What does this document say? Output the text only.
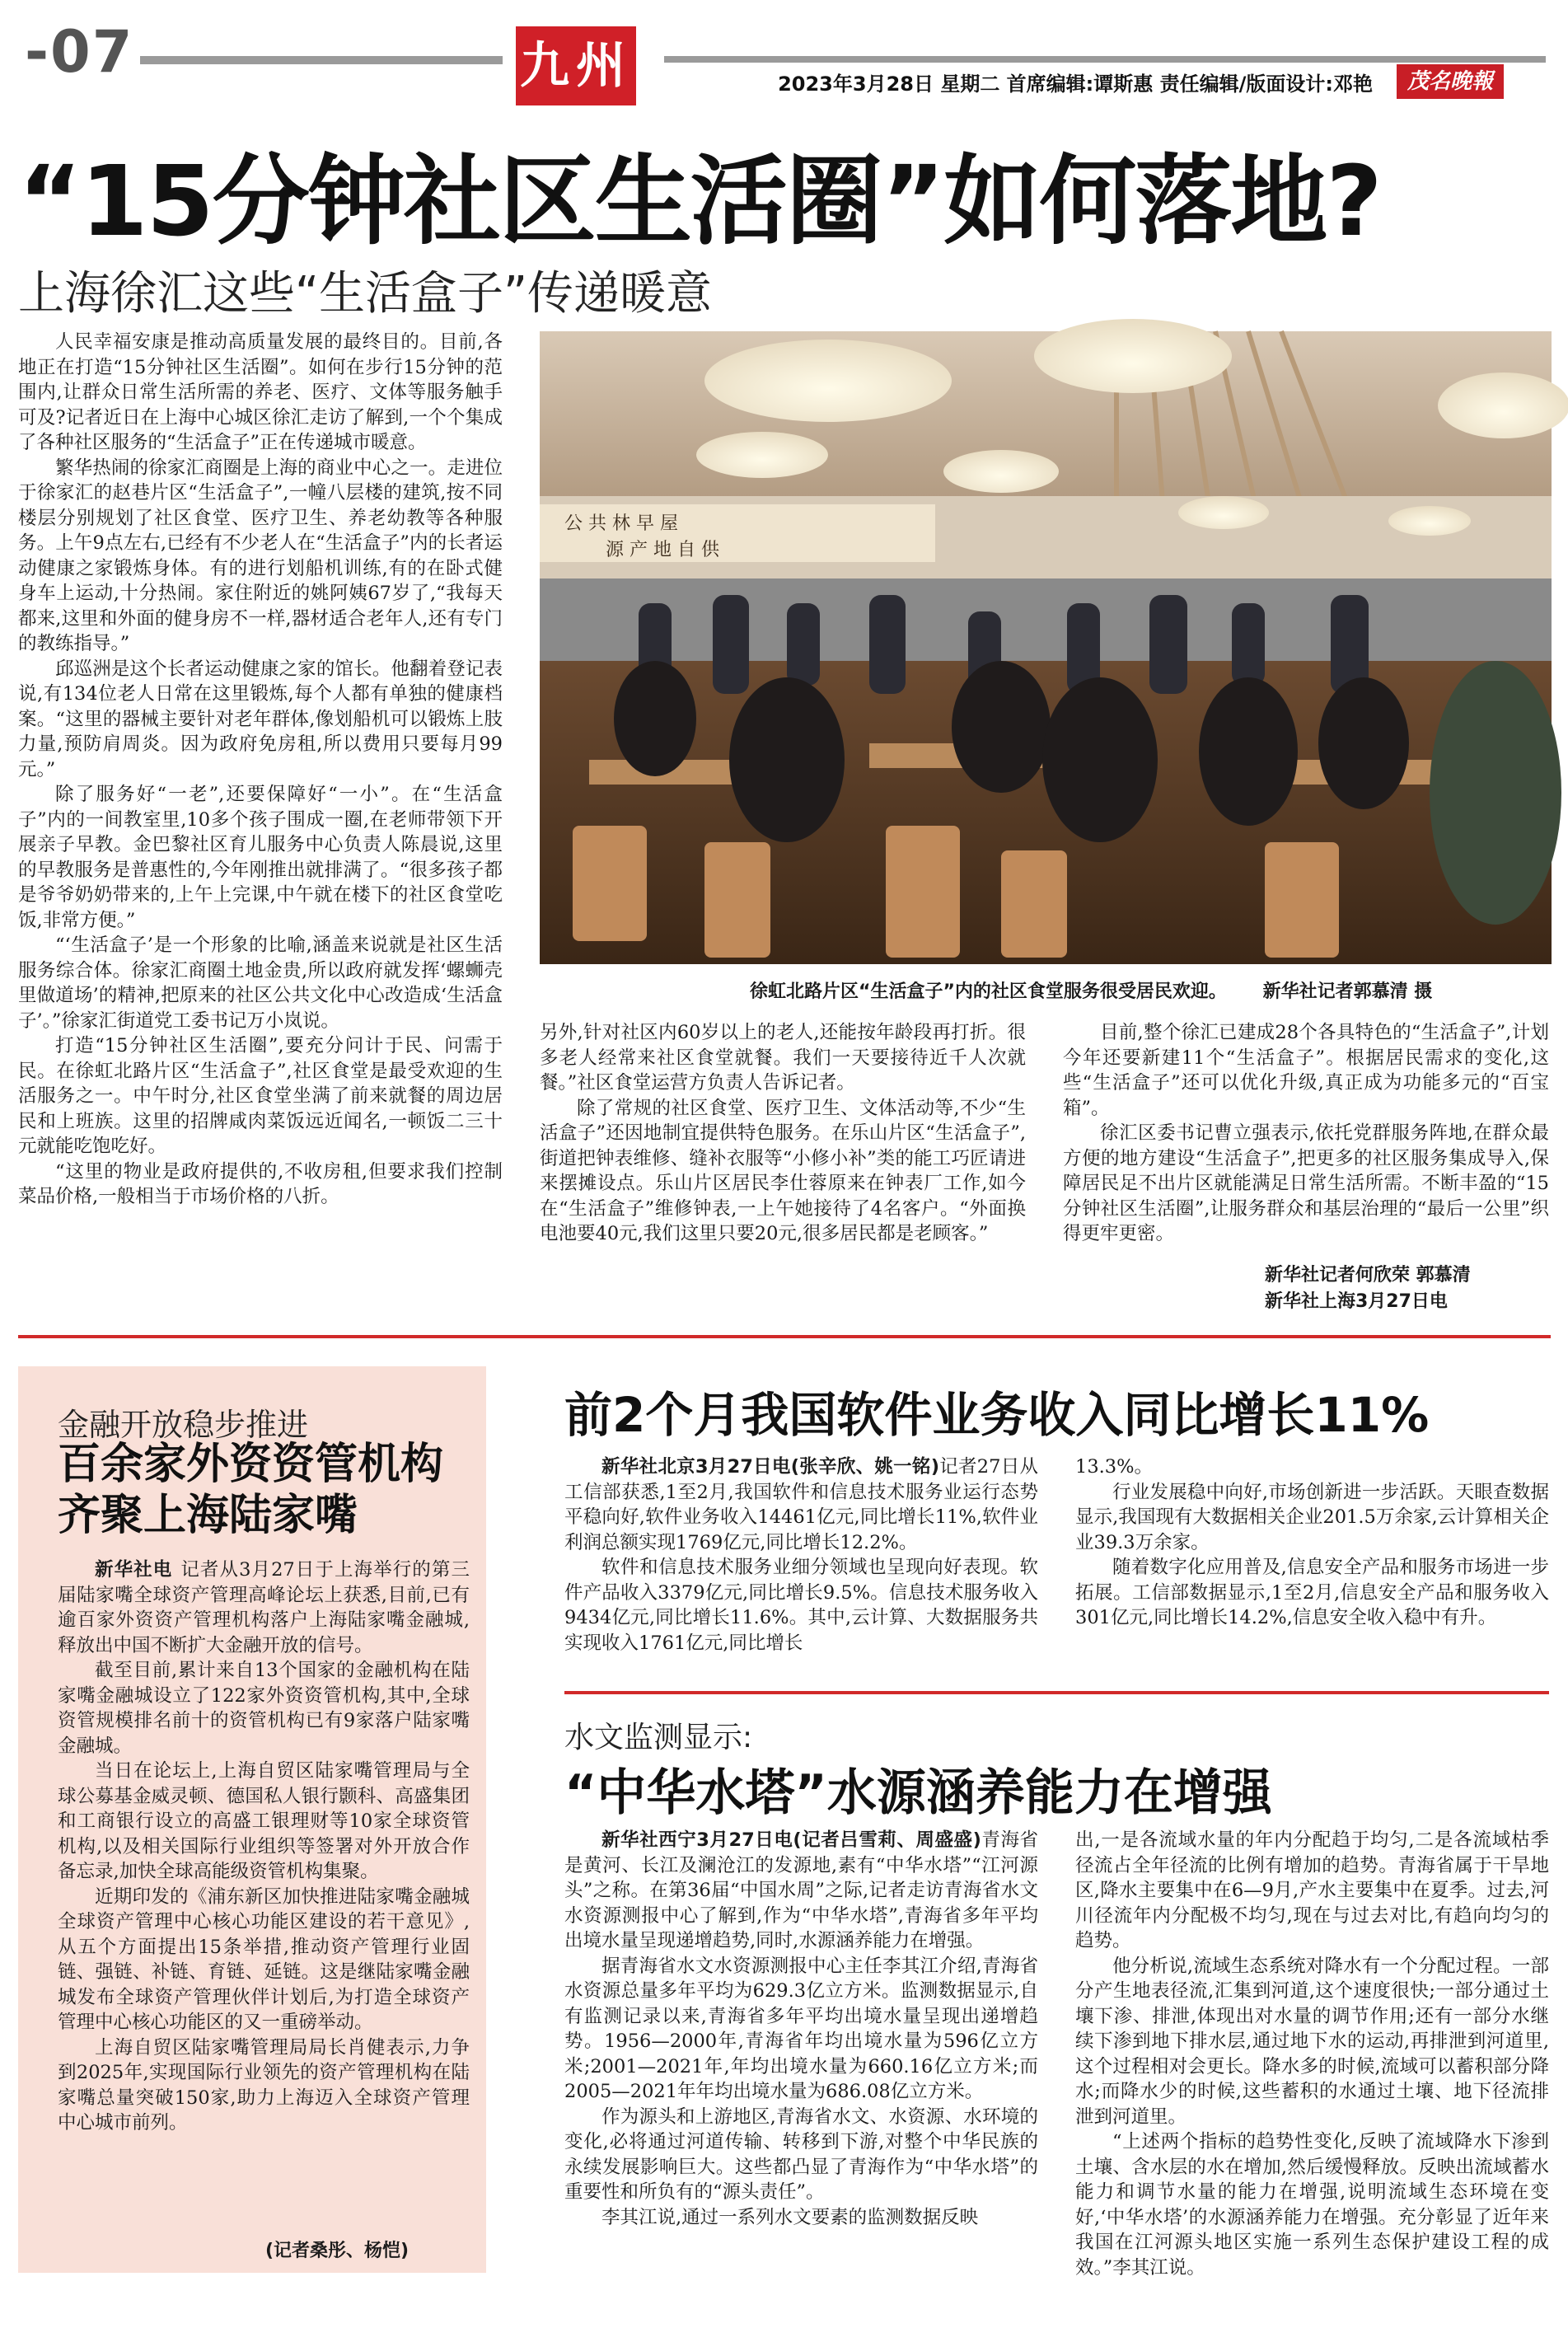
-07	九州	2023年3月28日 星期二 首席编辑:谭斯惠 责任编辑/版面设计:邓艳	茂名晚報
“15分钟社区生活圈”如何落地?
上海徐汇这些“生活盒子”传递暖意

人民幸福安康是推动高质量发展的最终目的。目前,各地正在打造“15分钟社区生活圈”。如何在步行15分钟的范围内,让群众日常生活所需的养老、医疗、文体等服务触手可及?记者近日在上海中心城区徐汇走访了解到,一个个集成了各种社区服务的“生活盒子”正在传递城市暖意。

繁华热闹的徐家汇商圈是上海的商业中心之一。走进位于徐家汇的赵巷片区“生活盒子”,一幢八层楼的建筑,按不同楼层分别规划了社区食堂、医疗卫生、养老幼教等各种服务。上午9点左右,已经有不少老人在“生活盒子”内的长者运动健康之家锻炼身体。有的进行划船机训练,有的在卧式健身车上运动,十分热闹。家住附近的姚阿姨67岁了,“我每天都来,这里和外面的健身房不一样,器材适合老年人,还有专门的教练指导。”

邱巡洲是这个长者运动健康之家的馆长。他翻着登记表说,有134位老人日常在这里锻炼,每个人都有单独的健康档案。“这里的器械主要针对老年群体,像划船机可以锻炼上肢力量,预防肩周炎。因为政府免房租,所以费用只要每月99元。”

除了服务好“一老”,还要保障好“一小”。在“生活盒子”内的一间教室里,10多个孩子围成一圈,在老师带领下开展亲子早教。金巴黎社区育儿服务中心负责人陈晨说,这里的早教服务是普惠性的,今年刚推出就排满了。“很多孩子都是爷爷奶奶带来的,上午上完课,中午就在楼下的社区食堂吃饭,非常方便。”

“‘生活盒子’是一个形象的比喻,涵盖来说就是社区生活服务综合体。徐家汇商圈土地金贵,所以政府就发挥‘螺蛳壳里做道场’的精神,把原来的社区公共文化中心改造成‘生活盒子’。”徐家汇街道党工委书记万小岚说。

打造“15分钟社区生活圈”,要充分问计于民、问需于民。在徐虹北路片区“生活盒子”,社区食堂是最受欢迎的生活服务之一。中午时分,社区食堂坐满了前来就餐的周边居民和上班族。这里的招牌咸肉菜饭远近闻名,一顿饭二三十元就能吃饱吃好。

“这里的物业是政府提供的,不收房租,但要求我们控制菜品价格,一般相当于市场价格的八折。

公 共 林 早 屋
源 产 地 自 供
徐虹北路片区“生活盒子”内的社区食堂服务很受居民欢迎。 新华社记者郭慕清 摄

另外,针对社区内60岁以上的老人,还能按年龄段再打折。很多老人经常来社区食堂就餐。我们一天要接待近千人次就餐。”社区食堂运营方负责人告诉记者。

除了常规的社区食堂、医疗卫生、文体活动等,不少“生活盒子”还因地制宜提供特色服务。在乐山片区“生活盒子”,街道把钟表维修、缝补衣服等“小修小补”类的能工巧匠请进来摆摊设点。乐山片区居民李仕蓉原来在钟表厂工作,如今在“生活盒子”维修钟表,一上午她接待了4名客户。“外面换电池要40元,我们这里只要20元,很多居民都是老顾客。”

目前,整个徐汇已建成28个各具特色的“生活盒子”,计划今年还要新建11个“生活盒子”。根据居民需求的变化,这些“生活盒子”还可以优化升级,真正成为功能多元的“百宝箱”。

徐汇区委书记曹立强表示,依托党群服务阵地,在群众最方便的地方建设“生活盒子”,把更多的社区服务集成导入,保障居民足不出片区就能满足日常生活所需。不断丰盈的“15分钟社区生活圈”,让服务群众和基层治理的“最后一公里”织得更牢更密。

新华社记者何欣荣 郭慕清
新华社上海3月27日电
金融开放稳步推进
百余家外资资管机构
齐聚上海陆家嘴

新华社电 记者从3月27日于上海举行的第三届陆家嘴全球资产管理高峰论坛上获悉,目前,已有逾百家外资资产管理机构落户上海陆家嘴金融城,释放出中国不断扩大金融开放的信号。

截至目前,累计来自13个国家的金融机构在陆家嘴金融城设立了122家外资资管机构,其中,全球资管规模排名前十的资管机构已有9家落户陆家嘴金融城。

当日在论坛上,上海自贸区陆家嘴管理局与全球公募基金威灵顿、德国私人银行颢科、高盛集团和工商银行设立的高盛工银理财等10家全球资管机构,以及相关国际行业组织等签署对外开放合作备忘录,加快全球高能级资管机构集聚。

近期印发的《浦东新区加快推进陆家嘴金融城全球资产管理中心核心功能区建设的若干意见》,从五个方面提出15条举措,推动资产管理行业固链、强链、补链、育链、延链。这是继陆家嘴金融城发布全球资产管理伙伴计划后,为打造全球资产管理中心核心功能区的又一重磅举动。

上海自贸区陆家嘴管理局局长肖健表示,力争到2025年,实现国际行业领先的资产管理机构在陆家嘴总量突破150家,助力上海迈入全球资产管理中心城市前列。

(记者桑彤、杨恺)
前2个月我国软件业务收入同比增长11%

新华社北京3月27日电(张辛欣、姚一铭)记者27日从工信部获悉,1至2月,我国软件和信息技术服务业运行态势平稳向好,软件业务收入14461亿元,同比增长11%,软件业利润总额实现1769亿元,同比增长12.2%。

软件和信息技术服务业细分领域也呈现向好表现。软件产品收入3379亿元,同比增长9.5%。信息技术服务收入9434亿元,同比增长11.6%。其中,云计算、大数据服务共实现收入1761亿元,同比增长

13.3%。

行业发展稳中向好,市场创新进一步活跃。天眼查数据显示,我国现有大数据相关企业201.5万余家,云计算相关企业39.3万余家。

随着数字化应用普及,信息安全产品和服务市场进一步拓展。工信部数据显示,1至2月,信息安全产品和服务收入301亿元,同比增长14.2%,信息安全收入稳中有升。

水文监测显示:
“中华水塔”水源涵养能力在增强

新华社西宁3月27日电(记者吕雪莉、周盛盛)青海省是黄河、长江及澜沧江的发源地,素有“中华水塔”“江河源头”之称。在第36届“中国水周”之际,记者走访青海省水文水资源测报中心了解到,作为“中华水塔”,青海省多年平均出境水量呈现递增趋势,同时,水源涵养能力在增强。

据青海省水文水资源测报中心主任李其江介绍,青海省水资源总量多年平均为629.3亿立方米。监测数据显示,自有监测记录以来,青海省多年平均出境水量呈现出递增趋势。1956—2000年,青海省年均出境水量为596亿立方米;2001—2021年,年均出境水量为660.16亿立方米;而2005—2021年年均出境水量为686.08亿立方米。

作为源头和上游地区,青海省水文、水资源、水环境的变化,必将通过河道传输、转移到下游,对整个中华民族的永续发展影响巨大。这些都凸显了青海作为“中华水塔”的重要性和所负有的“源头责任”。

李其江说,通过一系列水文要素的监测数据反映

出,一是各流域水量的年内分配趋于均匀,二是各流域枯季径流占全年径流的比例有增加的趋势。青海省属于干旱地区,降水主要集中在6—9月,产水主要集中在夏季。过去,河川径流年内分配极不均匀,现在与过去对比,有趋向均匀的趋势。

他分析说,流域生态系统对降水有一个分配过程。一部分产生地表径流,汇集到河道,这个速度很快;一部分通过土壤下渗、排泄,体现出对水量的调节作用;还有一部分水继续下渗到地下排水层,通过地下水的运动,再排泄到河道里,这个过程相对会更长。降水多的时候,流域可以蓄积部分降水;而降水少的时候,这些蓄积的水通过土壤、地下径流排泄到河道里。

“上述两个指标的趋势性变化,反映了流域降水下渗到土壤、含水层的水在增加,然后缓慢释放。反映出流域蓄水能力和调节水量的能力在增强,说明流域生态环境在变好,‘中华水塔’的水源涵养能力在增强。充分彰显了近年来我国在江河源头地区实施一系列生态保护建设工程的成效。”李其江说。
